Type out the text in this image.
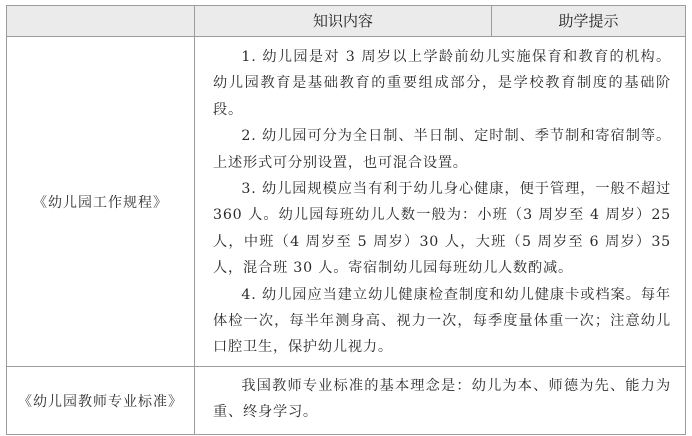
知识内容	助学提示
《幼儿园工作规程》

1. 幼儿园是对 3 周岁以上学龄前幼儿实施保育和教育的机构。幼儿园教育是基础教育的重要组成部分，是学校教育制度的基础阶段。

2. 幼儿园可分为全日制、半日制、定时制、季节制和寄宿制等。上述形式可分别设置，也可混合设置。

3. 幼儿园规模应当有利于幼儿身心健康，便于管理，一般不超过 360 人。幼儿园每班幼儿人数一般为：小班（3 周岁至 4 周岁）25 人，中班（4 周岁至 5 周岁）30 人，大班（5 周岁至 6 周岁）35 人，混合班 30 人。寄宿制幼儿园每班幼儿人数酌减。

4. 幼儿园应当建立幼儿健康检查制度和幼儿健康卡或档案。每年体检一次，每半年测身高、视力一次，每季度量体重一次；注意幼儿口腔卫生，保护幼儿视力。

《幼儿园教师专业标准》

我国教师专业标准的基本理念是：幼儿为本、师德为先、能力为重、终身学习。
